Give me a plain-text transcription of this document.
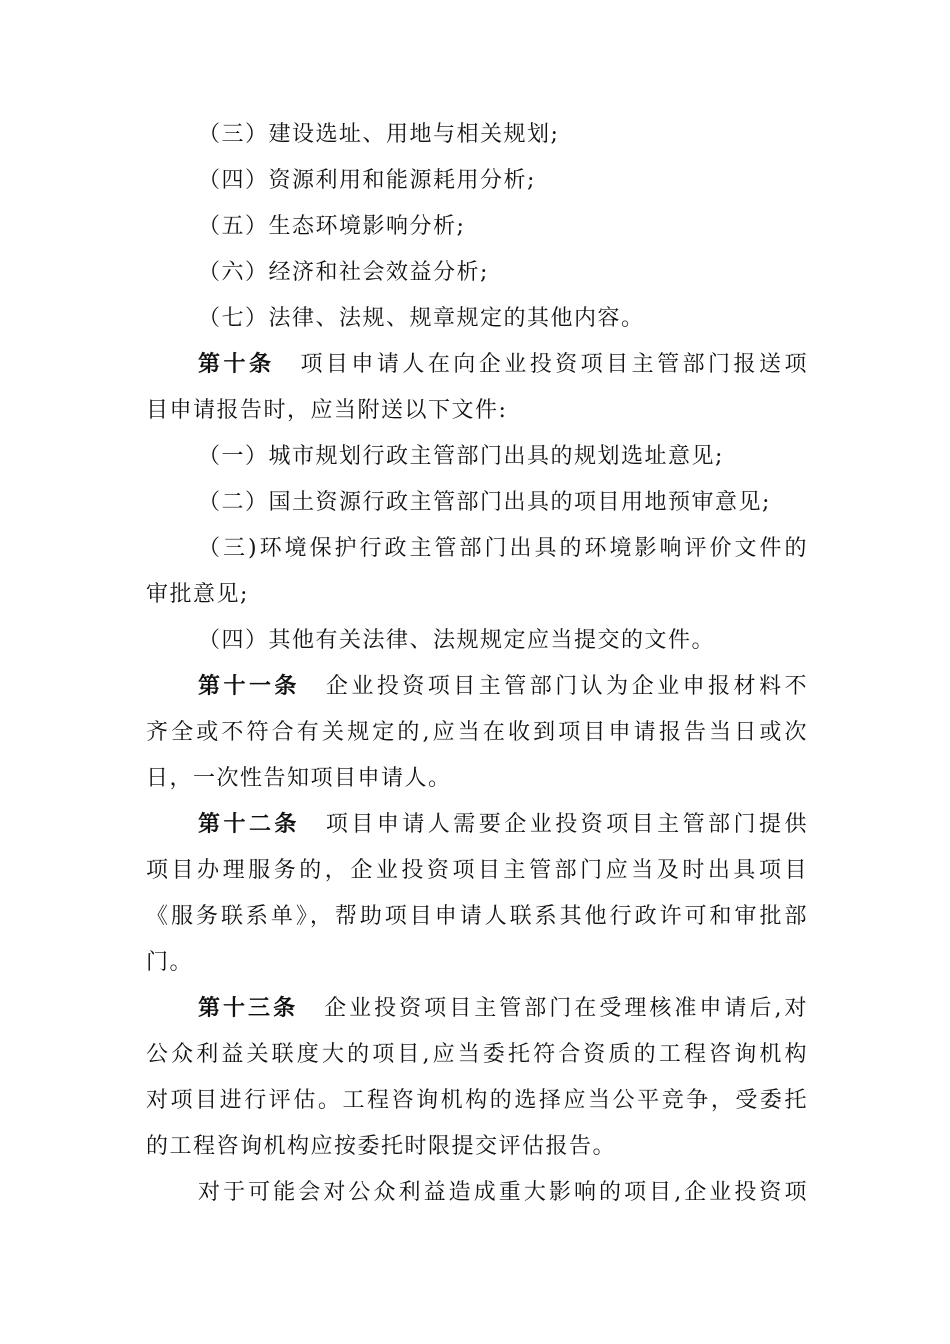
（三）建设选址、用地与相关规划;
（四）资源利用和能源耗用分析;
（五）生态环境影响分析;
（六）经济和社会效益分析;
（七）法律、法规、规章规定的其他内容。
第十条 项目申请人在向企业投资项目主管部门报送项
目申请报告时，应当附送以下文件:
（一）城市规划行政主管部门出具的规划选址意见;
（二）国土资源行政主管部门出具的项目用地预审意见;
（三)环境保护行政主管部门出具的环境影响评价文件的
审批意见;
（四）其他有关法律、法规规定应当提交的文件。
第十一条 企业投资项目主管部门认为企业申报材料不
齐全或不符合有关规定的,应当在收到项目申请报告当日或次
日，一次性告知项目申请人。
第十二条 项目申请人需要企业投资项目主管部门提供
项目办理服务的，企业投资项目主管部门应当及时出具项目
《服务联系单》，帮助项目申请人联系其他行政许可和审批部
门。
第十三条 企业投资项目主管部门在受理核准申请后,对
公众利益关联度大的项目,应当委托符合资质的工程咨询机构
对项目进行评估。工程咨询机构的选择应当公平竞争，受委托
的工程咨询机构应按委托时限提交评估报告。
对于可能会对公众利益造成重大影响的项目,企业投资项
